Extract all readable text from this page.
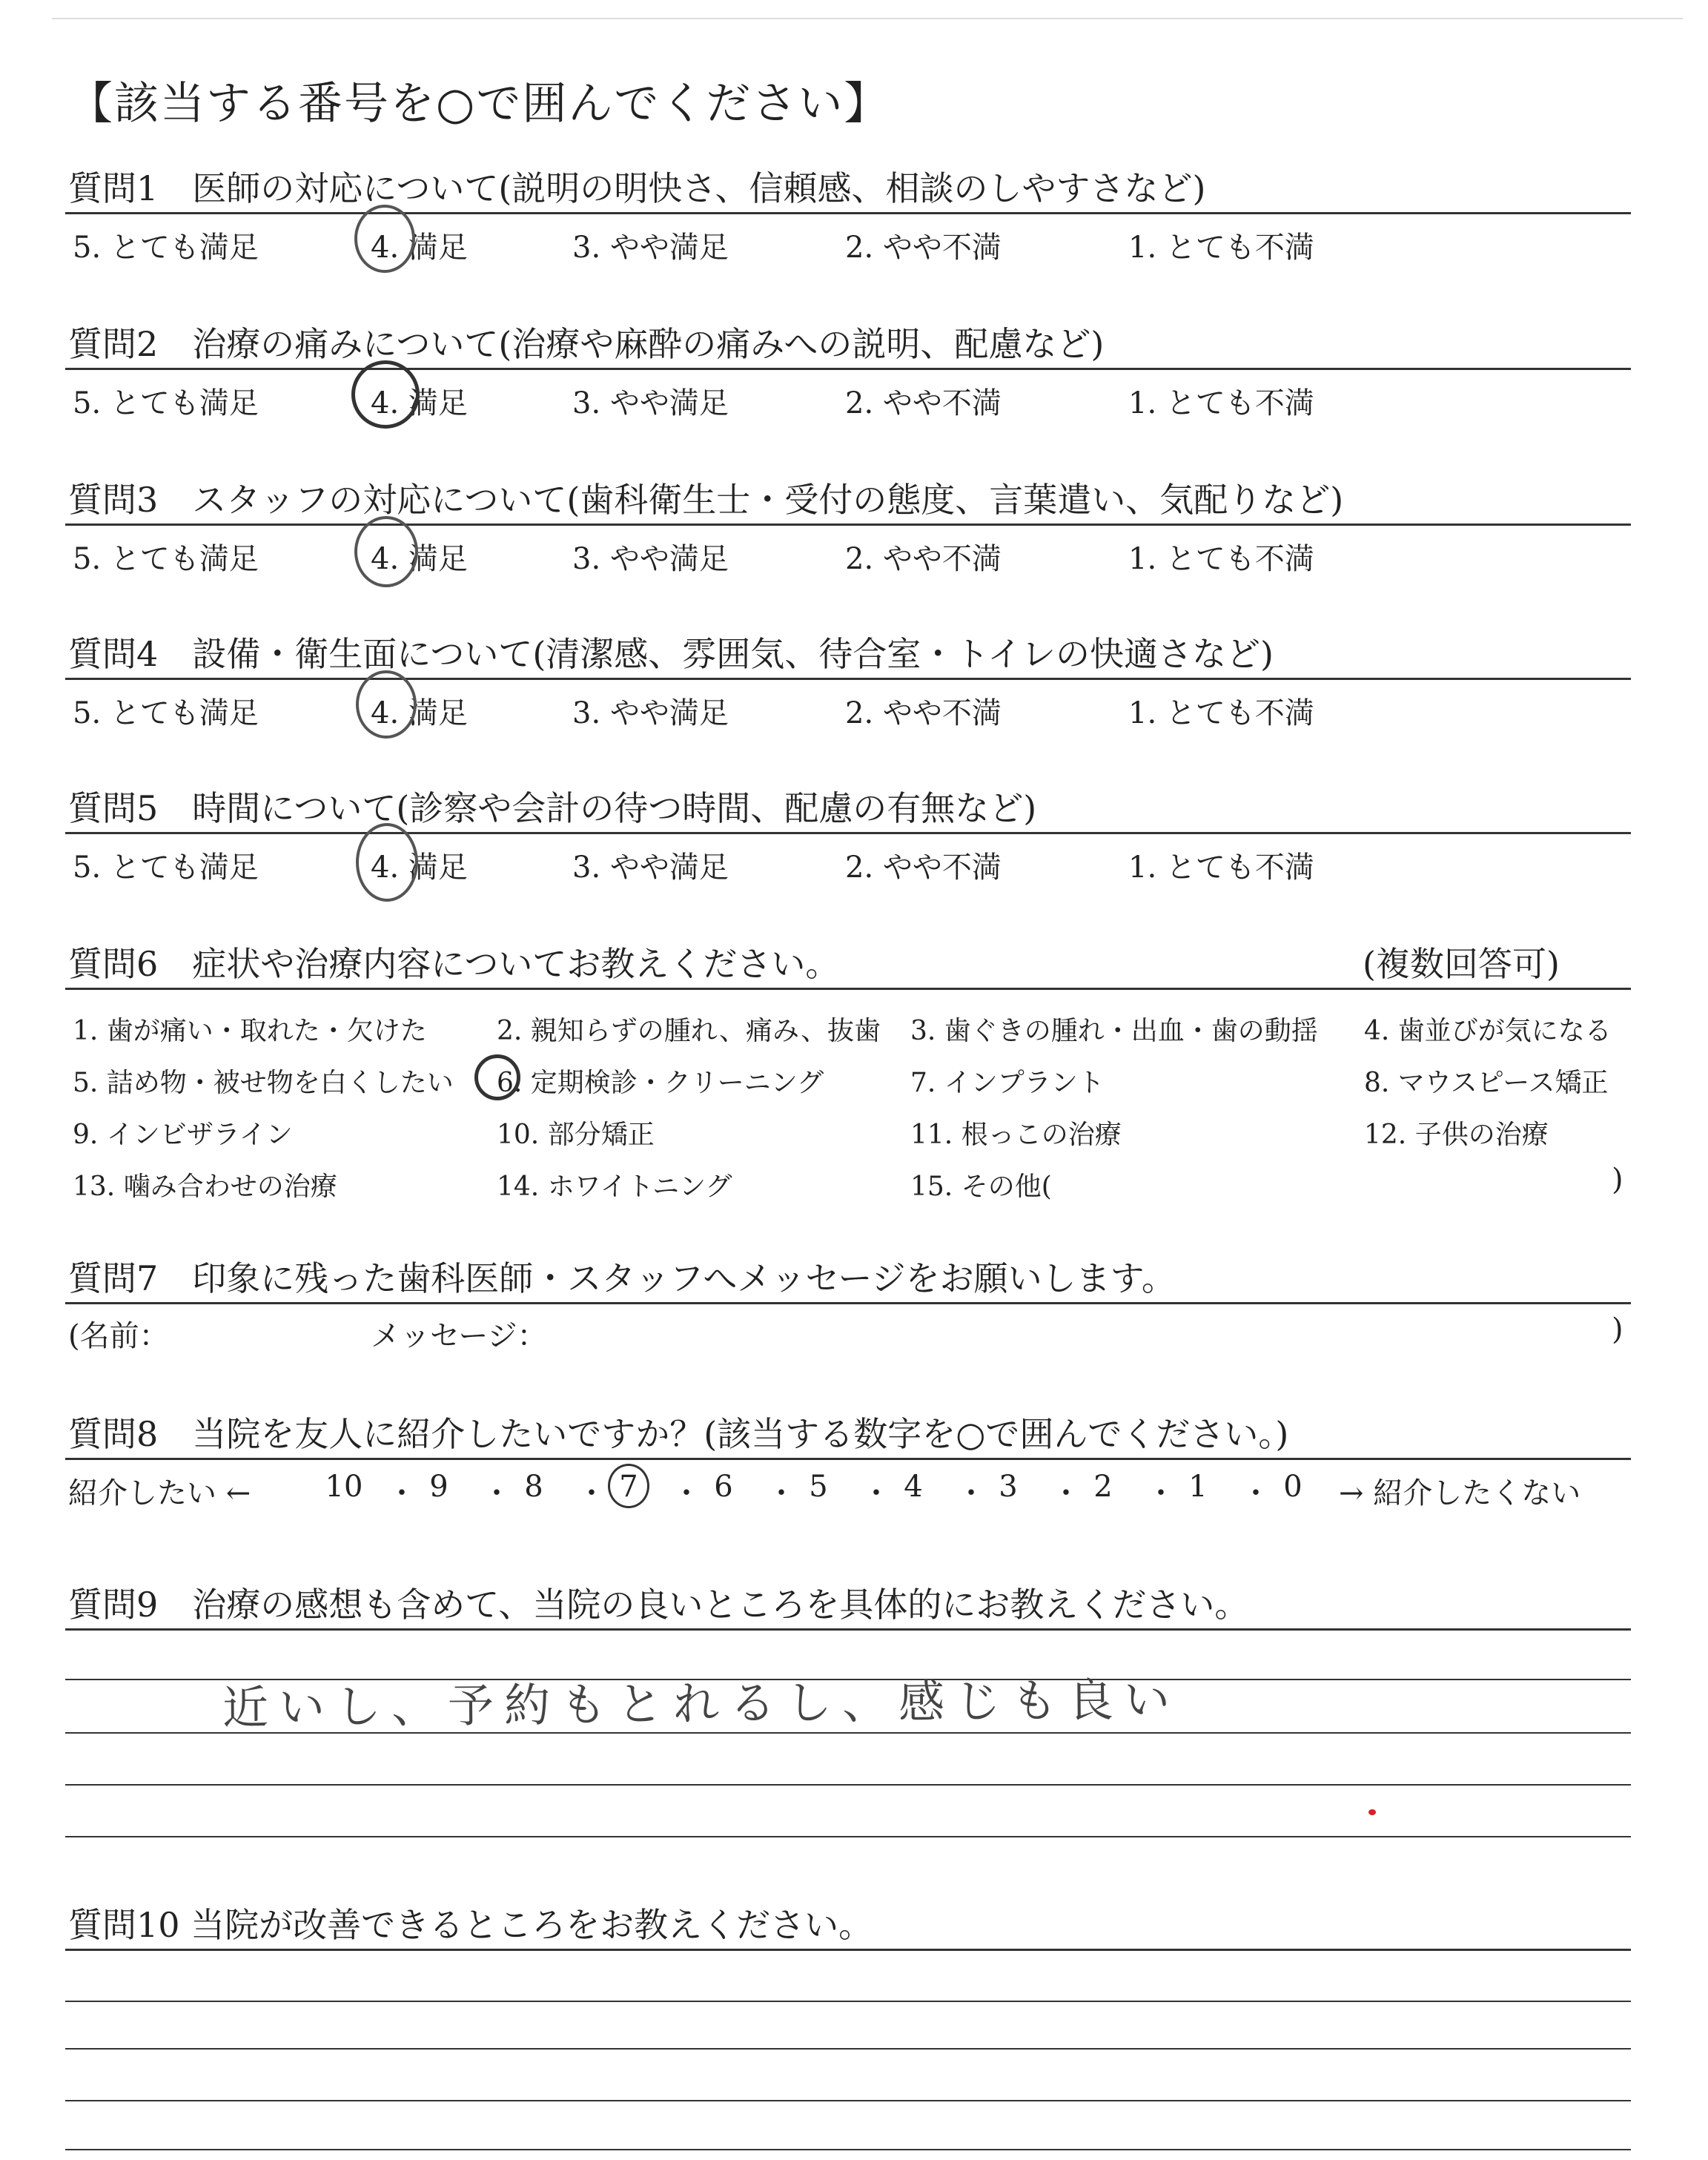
【該当する番号を○で囲んでください】
質問1　医師の対応について(説明の明快さ、信頼感、相談のしやすさなど)
5. とても満足	4. 満足	3. やや満足	2. やや不満	1. とても不満
質問2　治療の痛みについて(治療や麻酔の痛みへの説明、配慮など)
5. とても満足	4. 満足	3. やや満足	2. やや不満	1. とても不満
質問3　スタッフの対応について(歯科衛生士・受付の態度、言葉遣い、気配りなど)
5. とても満足	4. 満足	3. やや満足	2. やや不満	1. とても不満
質問4　設備・衛生面について(清潔感、雰囲気、待合室・トイレの快適さなど)
5. とても満足	4. 満足	3. やや満足	2. やや不満	1. とても不満
質問5　時間について(診察や会計の待つ時間、配慮の有無など)
5. とても満足	4. 満足	3. やや満足	2. やや不満	1. とても不満
質問6　症状や治療内容についてお教えください。	(複数回答可)
1. 歯が痛い・取れた・欠けた	2. 親知らずの腫れ、痛み、抜歯 3. 歯ぐきの腫れ・出血・歯の動揺 4. 歯並びが気になる
5. 詰め物・被せ物を白くしたい 6. 定期検診・クリーニング	7. インプラント	8. マウスピース矯正
9. インビザライン	10. 部分矯正	11. 根っこの治療	12. 子供の治療
13. 噛み合わせの治療	14. ホワイトニング	15. その他(	)
質問7　印象に残った歯科医師・スタッフへメッセージをお願いします。
(名前：	メッセージ：	)
質問8　当院を友人に紹介したいですか？(該当する数字を○で囲んでください。)
紹介したい ←	10 ・ 9	・ 8	・ 7	・ 6	・ 5	・ 4	・ 3	・ 2	・ 1	・ 0	→ 紹介したくない
質問9　治療の感想も含めて、当院の良いところを具体的にお教えください。
近いし、予約もとれるし、感じも良い
質問10 当院が改善できるところをお教えください。
